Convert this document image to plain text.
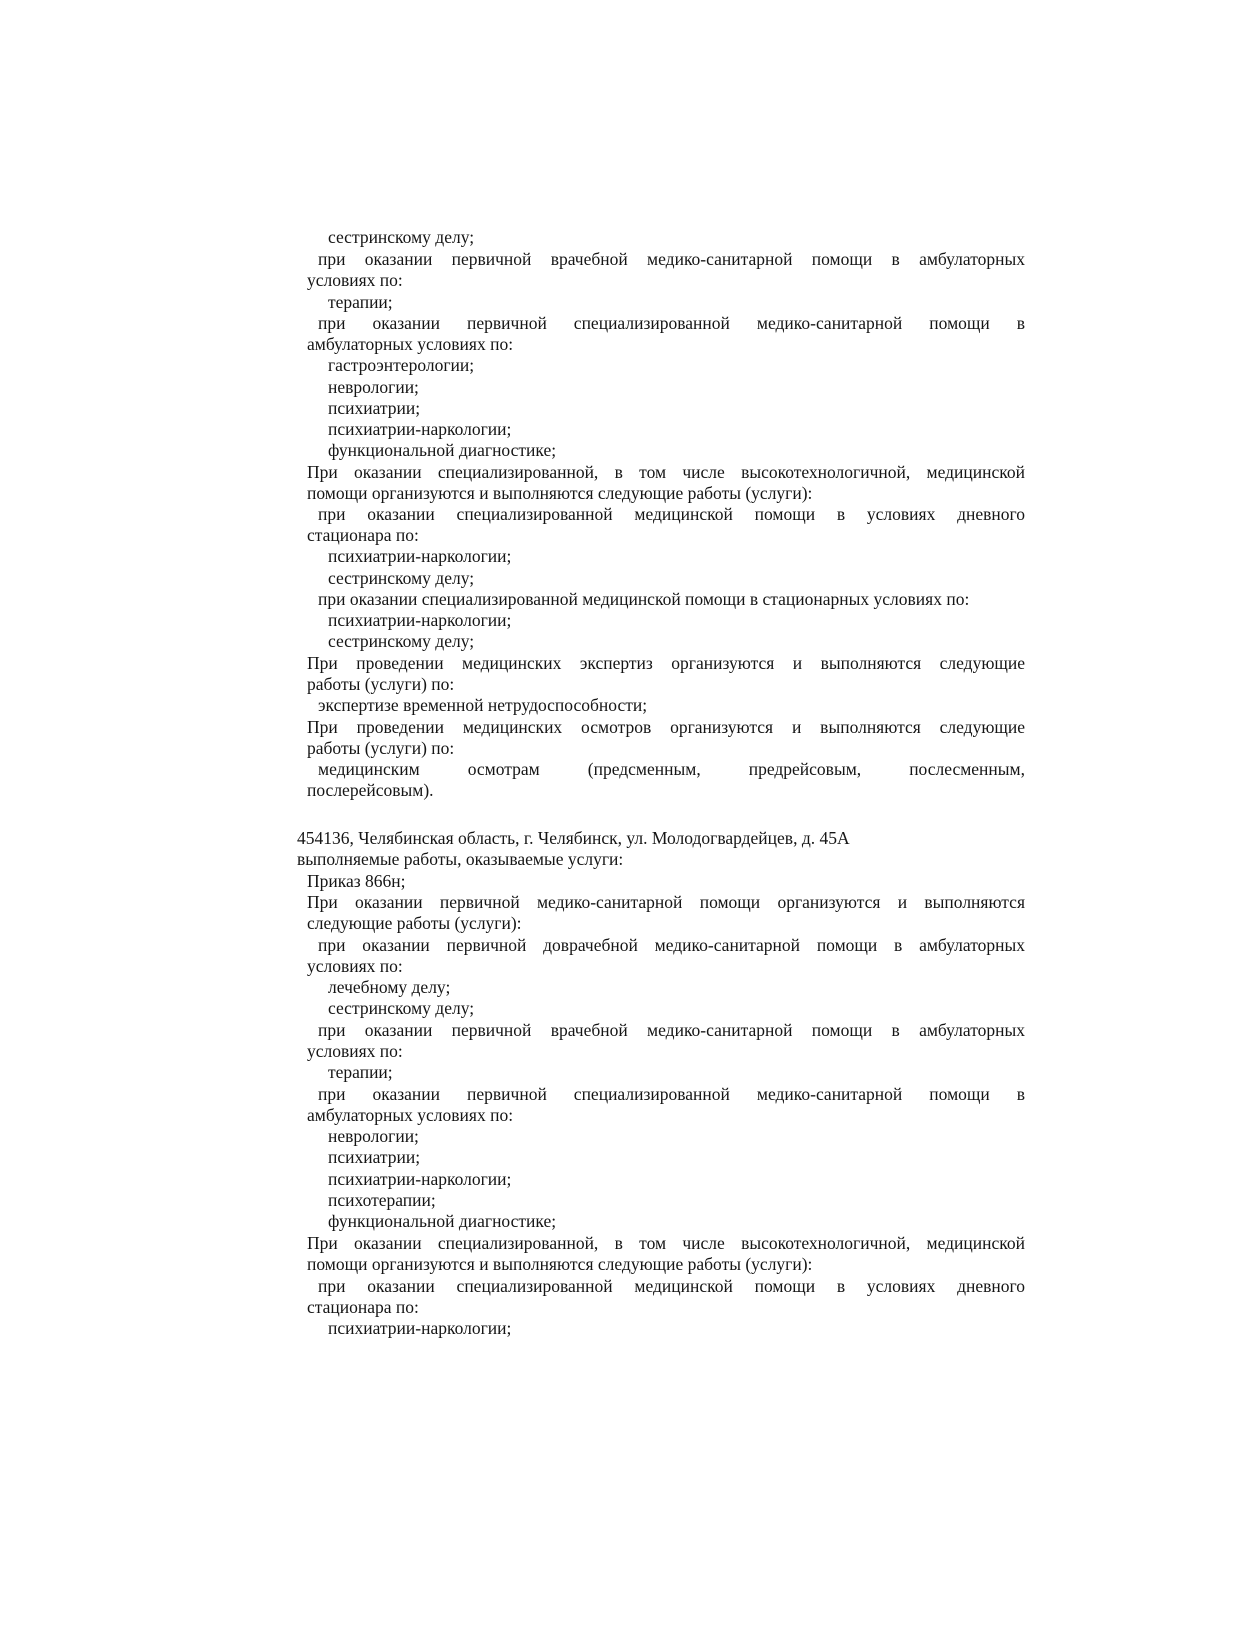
сестринскому делу;
при оказании первичной врачебной медико-санитарной помощи в амбулаторных
условиях по:
терапии;
при оказании первичной специализированной медико-санитарной помощи в
амбулаторных условиях по:
гастроэнтерологии;
неврологии;
психиатрии;
психиатрии-наркологии;
функциональной диагностике;
При оказании специализированной, в том числе высокотехнологичной, медицинской
помощи организуются и выполняются следующие работы (услуги):
при оказании специализированной медицинской помощи в условиях дневного
стационара по:
психиатрии-наркологии;
сестринскому делу;
при оказании специализированной медицинской помощи в стационарных условиях по:
психиатрии-наркологии;
сестринскому делу;
При проведении медицинских экспертиз организуются и выполняются следующие
работы (услуги) по:
экспертизе временной нетрудоспособности;
При проведении медицинских осмотров организуются и выполняются следующие
работы (услуги) по:
медицинским осмотрам (предсменным, предрейсовым, послесменным,
послерейсовым).
454136, Челябинская область, г. Челябинск, ул. Молодогвардейцев, д. 45А
выполняемые работы, оказываемые услуги:
Приказ 866н;
При оказании первичной медико-санитарной помощи организуются и выполняются
следующие работы (услуги):
при оказании первичной доврачебной медико-санитарной помощи в амбулаторных
условиях по:
лечебному делу;
сестринскому делу;
при оказании первичной врачебной медико-санитарной помощи в амбулаторных
условиях по:
терапии;
при оказании первичной специализированной медико-санитарной помощи в
амбулаторных условиях по:
неврологии;
психиатрии;
психиатрии-наркологии;
психотерапии;
функциональной диагностике;
При оказании специализированной, в том числе высокотехнологичной, медицинской
помощи организуются и выполняются следующие работы (услуги):
при оказании специализированной медицинской помощи в условиях дневного
стационара по:
психиатрии-наркологии;
